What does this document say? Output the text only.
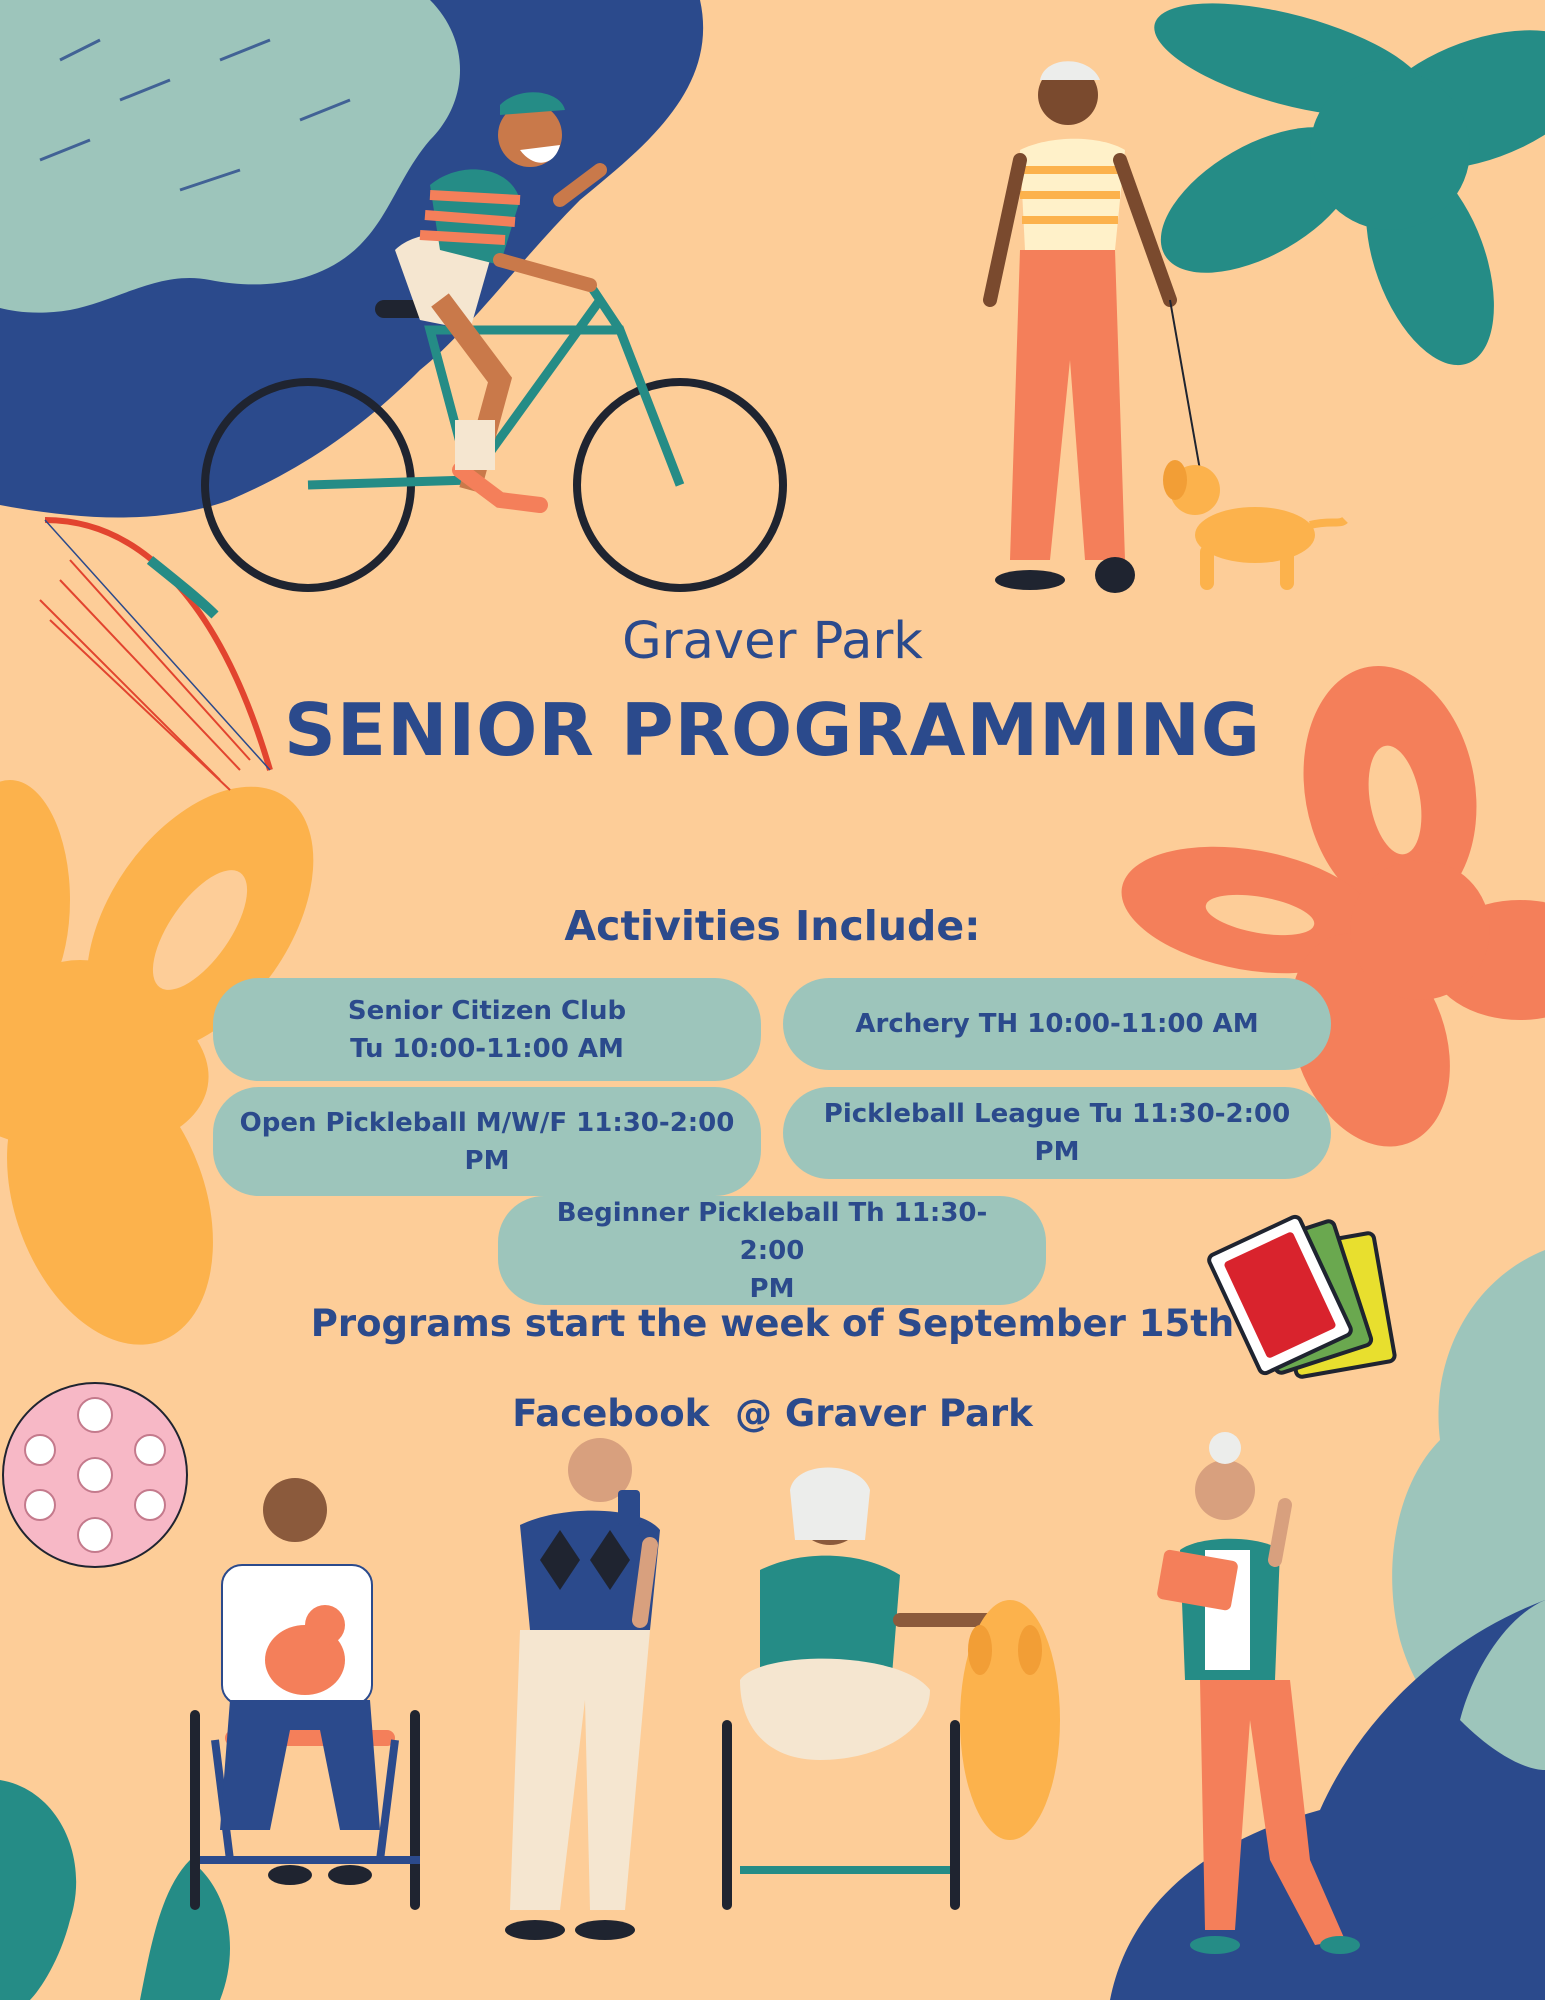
Graver Park

SENIOR PROGRAMMING
Activities Include:
Senior Citizen Club
Tu 10:00-11:00 AM
Archery TH 10:00-11:00 AM
Open Pickleball M/W/F 11:30-2:00
PM
Pickleball League Tu 11:30-2:00 PM
Beginner Pickleball Th 11:30- 2:00
PM

Programs start the week of September 15th

Facebook @ Graver Park
